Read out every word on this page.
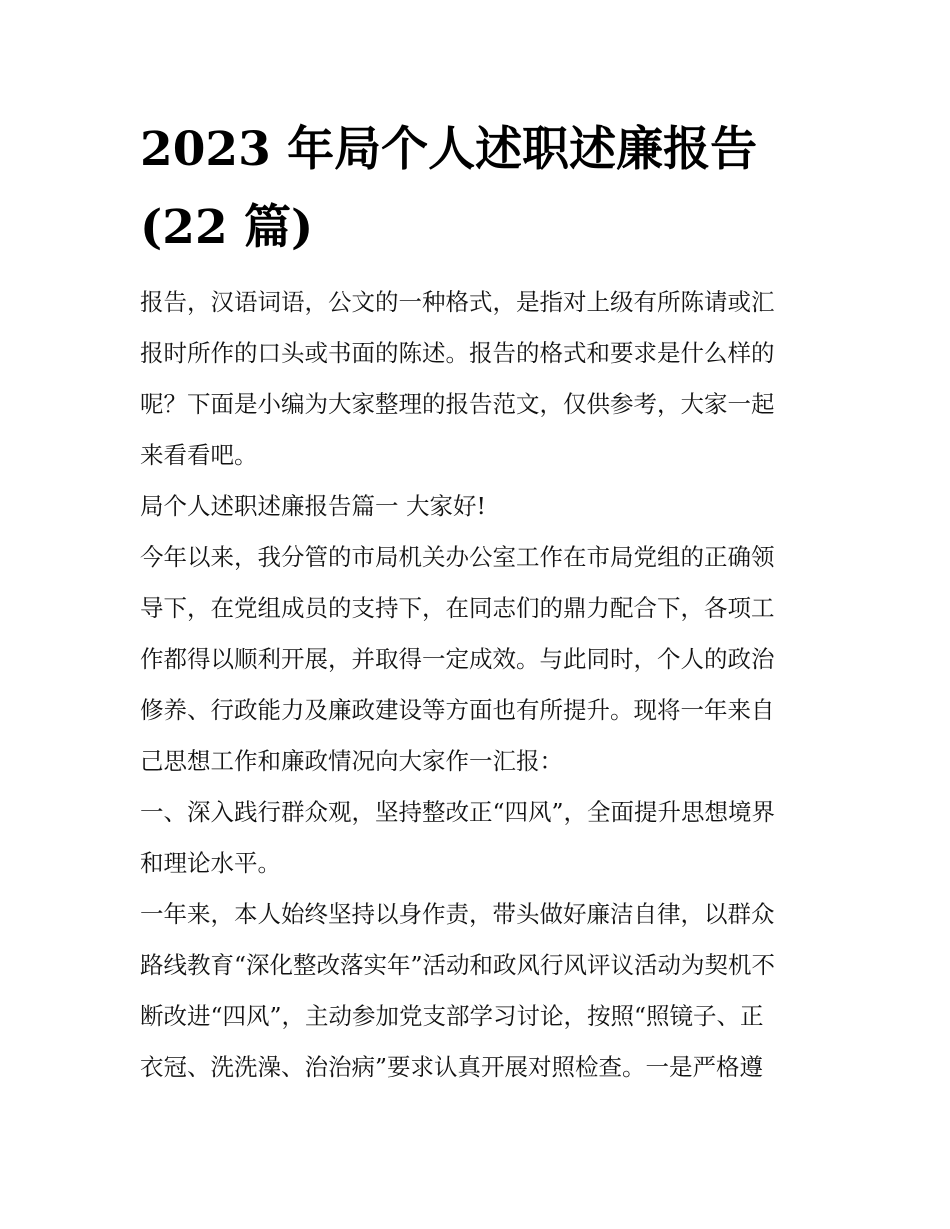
2023 年局个人述职述廉报告
(22 篇)
报告，汉语词语，公文的一种格式，是指对上级有所陈请或汇
报时所作的口头或书面的陈述。报告的格式和要求是什么样的
呢？下面是小编为大家整理的报告范文，仅供参考，大家一起
来看看吧。
局个人述职述廉报告篇一 大家好!
今年以来，我分管的市局机关办公室工作在市局党组的正确领
导下，在党组成员的支持下，在同志们的鼎力配合下，各项工
作都得以顺利开展，并取得一定成效。与此同时，个人的政治
修养、行政能力及廉政建设等方面也有所提升。现将一年来自
己思想工作和廉政情况向大家作一汇报：
一、深入践行群众观，坚持整改正“四风”，全面提升思想境界
和理论水平。
一年来，本人始终坚持以身作责，带头做好廉洁自律，以群众
路线教育“深化整改落实年”活动和政风行风评议活动为契机不
断改进“四风”，主动参加党支部学习讨论，按照“照镜子、正
衣冠、洗洗澡、治治病”要求认真开展对照检查。一是严格遵
